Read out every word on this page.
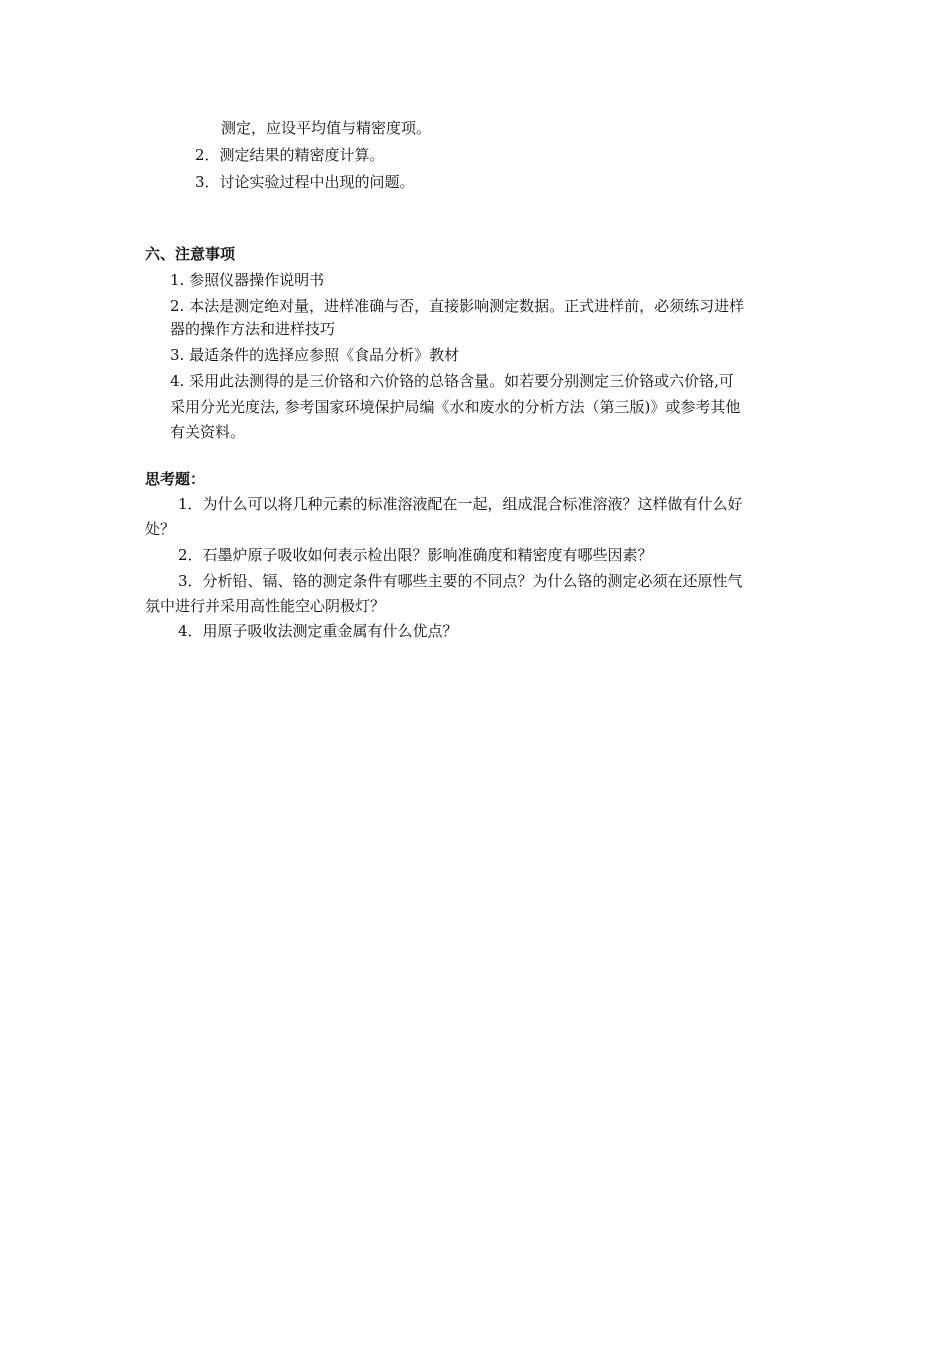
测定，应设平均值与精密度项。
2．测定结果的精密度计算。
3．讨论实验过程中出现的问题。
六、注意事项
1. 参照仪器操作说明书
2. 本法是测定绝对量，进样准确与否，直接影响测定数据。正式进样前，必须练习进样
器的操作方法和进样技巧
3. 最适条件的选择应参照《食品分析》教材
4. 采用此法测得的是三价铬和六价铬的总铬含量。如若要分别测定三价铬或六价铬,可
采用分光光度法, 参考国家环境保护局编《水和废水的分析方法（第三版)》或参考其他
有关资料。
思考题：
1．为什么可以将几种元素的标准溶液配在一起，组成混合标准溶液？这样做有什么好
处？
2．石墨炉原子吸收如何表示检出限？影响准确度和精密度有哪些因素？
3．分析铅、镉、铬的测定条件有哪些主要的不同点？为什么铬的测定必须在还原性气
氛中进行并采用高性能空心阴极灯？
4．用原子吸收法测定重金属有什么优点？
